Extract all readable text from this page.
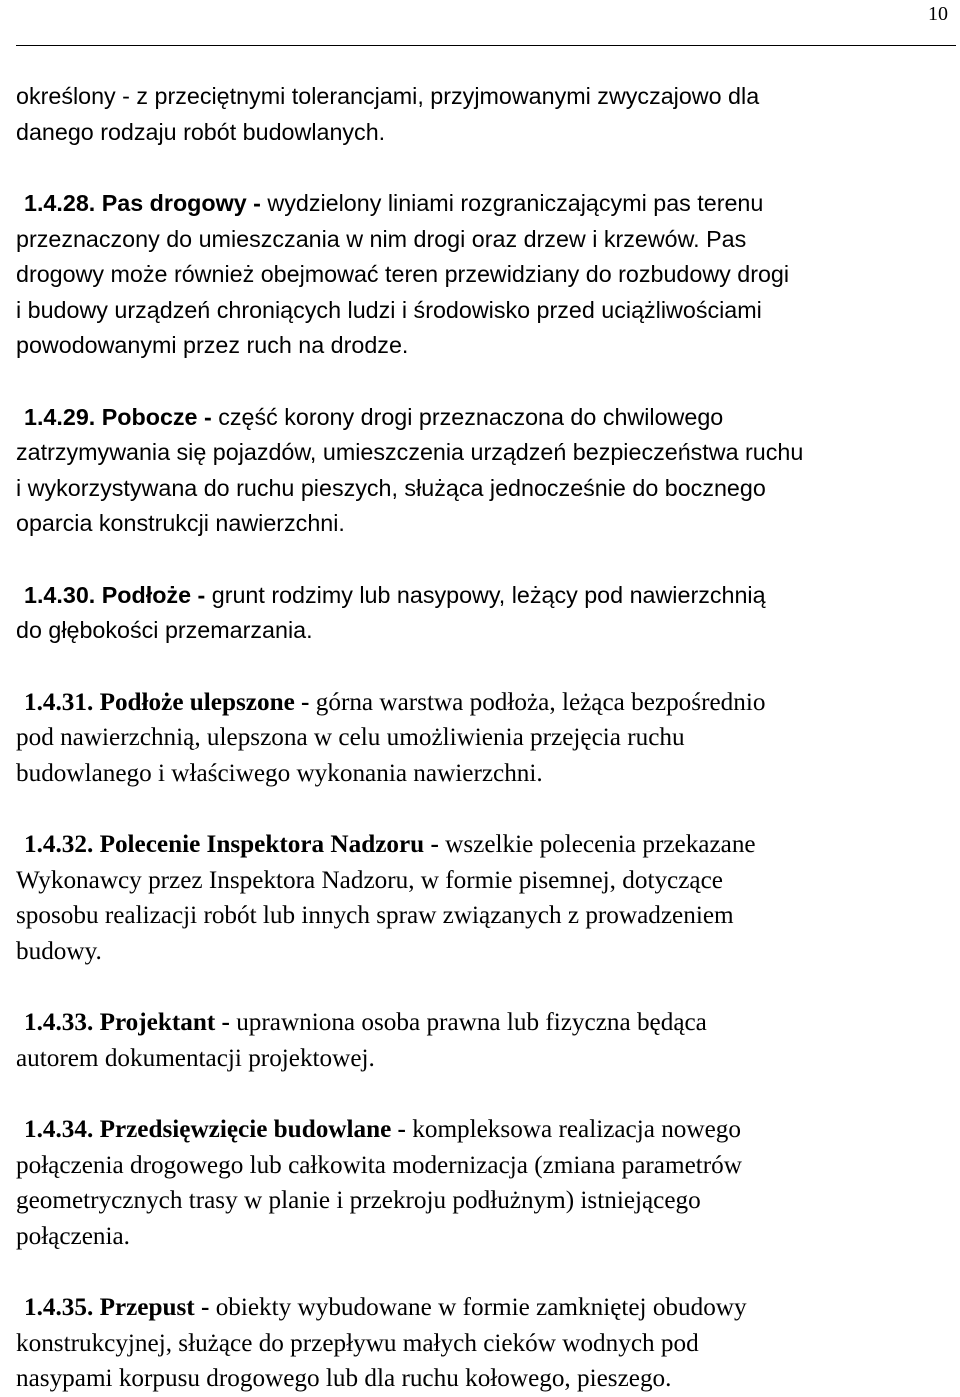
10

określony - z przeciętnymi tolerancjami, przyjmowanymi zwyczajowo dla
danego rodzaju robót budowlanych.

1.4.28. Pas drogowy - wydzielony liniami rozgraniczającymi pas terenu
przeznaczony do umieszczania w nim drogi oraz drzew i krzewów. Pas
drogowy może również obejmować teren przewidziany do rozbudowy drogi
i budowy urządzeń chroniących ludzi i środowisko przed uciążliwościami
powodowanymi przez ruch na drodze.

1.4.29. Pobocze - część korony drogi przeznaczona do chwilowego
zatrzymywania się pojazdów, umieszczenia urządzeń bezpieczeństwa ruchu
i wykorzystywana do ruchu pieszych, służąca jednocześnie do bocznego
oparcia konstrukcji nawierzchni.

1.4.30. Podłoże - grunt rodzimy lub nasypowy, leżący pod nawierzchnią
do głębokości przemarzania.

1.4.31. Podłoże ulepszone - górna warstwa podłoża, leżąca bezpośrednio
pod nawierzchnią, ulepszona w celu umożliwienia przejęcia ruchu
budowlanego i właściwego wykonania nawierzchni.

1.4.32. Polecenie Inspektora Nadzoru - wszelkie polecenia przekazane
Wykonawcy przez Inspektora Nadzoru, w formie pisemnej, dotyczące
sposobu realizacji robót lub innych spraw związanych z prowadzeniem
budowy.

1.4.33. Projektant - uprawniona osoba prawna lub fizyczna będąca
autorem dokumentacji projektowej.

1.4.34. Przedsięwzięcie budowlane - kompleksowa realizacja nowego
połączenia drogowego lub całkowita modernizacja (zmiana parametrów
geometrycznych trasy w planie i przekroju podłużnym) istniejącego
połączenia.

1.4.35. Przepust - obiekty wybudowane w formie zamkniętej obudowy
konstrukcyjnej, służące do przepływu małych cieków wodnych pod
nasypami korpusu drogowego lub dla ruchu kołowego, pieszego.
